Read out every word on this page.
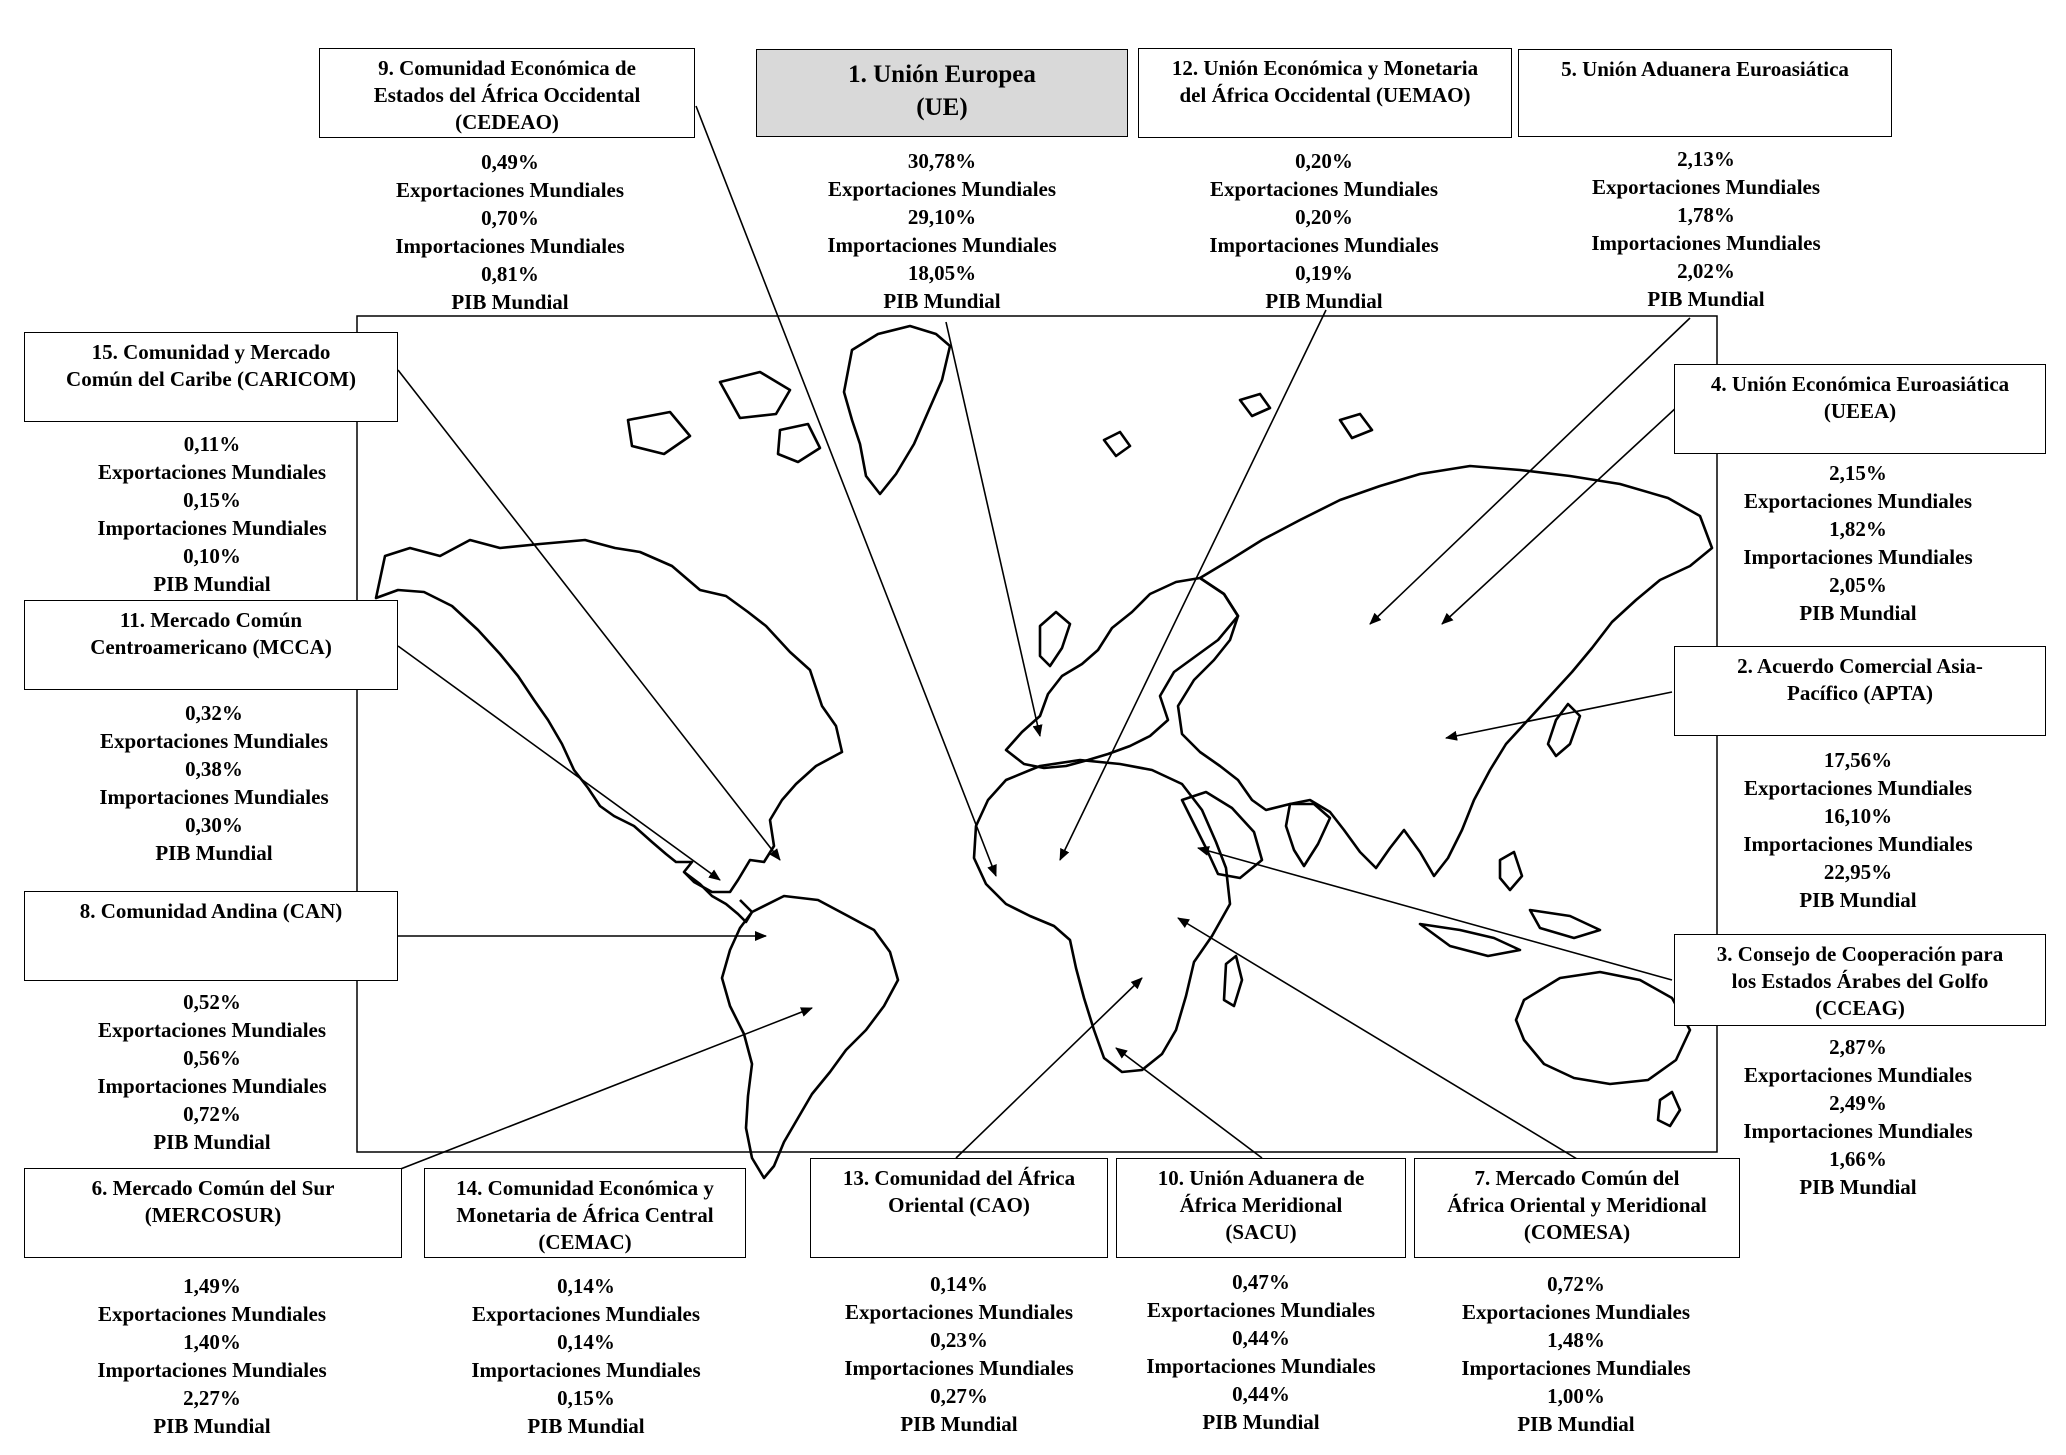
9. Comunidad Económica de
Estados del África Occidental
(CEDEAO)
0,49%
Exportaciones Mundiales
0,70%
Importaciones Mundiales
0,81%
PIB Mundial
1. Unión Europea
(UE)
30,78%
Exportaciones Mundiales
29,10%
Importaciones Mundiales
18,05%
PIB Mundial
12. Unión Económica y Monetaria
del África Occidental (UEMAO)
0,20%
Exportaciones Mundiales
0,20%
Importaciones Mundiales
0,19%
PIB Mundial
5. Unión Aduanera Euroasiática
2,13%
Exportaciones Mundiales
1,78%
Importaciones Mundiales
2,02%
PIB Mundial
15. Comunidad y Mercado
Común del Caribe (CARICOM)
0,11%
Exportaciones Mundiales
0,15%
Importaciones Mundiales
0,10%
PIB Mundial
11. Mercado Común
Centroamericano (MCCA)
0,32%
Exportaciones Mundiales
0,38%
Importaciones Mundiales
0,30%
PIB Mundial
8. Comunidad Andina (CAN)
0,52%
Exportaciones Mundiales
0,56%
Importaciones Mundiales
0,72%
PIB Mundial
4. Unión Económica Euroasiática
(UEEA)
2,15%
Exportaciones Mundiales
1,82%
Importaciones Mundiales
2,05%
PIB Mundial
2. Acuerdo Comercial Asia-
Pacífico (APTA)
17,56%
Exportaciones Mundiales
16,10%
Importaciones Mundiales
22,95%
PIB Mundial
3. Consejo de Cooperación para
los Estados Árabes del Golfo
(CCEAG)
2,87%
Exportaciones Mundiales
2,49%
Importaciones Mundiales
1,66%
PIB Mundial
6. Mercado Común del Sur
(MERCOSUR)
1,49%
Exportaciones Mundiales
1,40%
Importaciones Mundiales
2,27%
PIB Mundial
14. Comunidad Económica y
Monetaria de África Central
(CEMAC)
0,14%
Exportaciones Mundiales
0,14%
Importaciones Mundiales
0,15%
PIB Mundial
13. Comunidad del África
Oriental (CAO)
0,14%
Exportaciones Mundiales
0,23%
Importaciones Mundiales
0,27%
PIB Mundial
10. Unión Aduanera de
África Meridional
(SACU)
0,47%
Exportaciones Mundiales
0,44%
Importaciones Mundiales
0,44%
PIB Mundial
7. Mercado Común del
África Oriental y Meridional
(COMESA)
0,72%
Exportaciones Mundiales
1,48%
Importaciones Mundiales
1,00%
PIB Mundial
